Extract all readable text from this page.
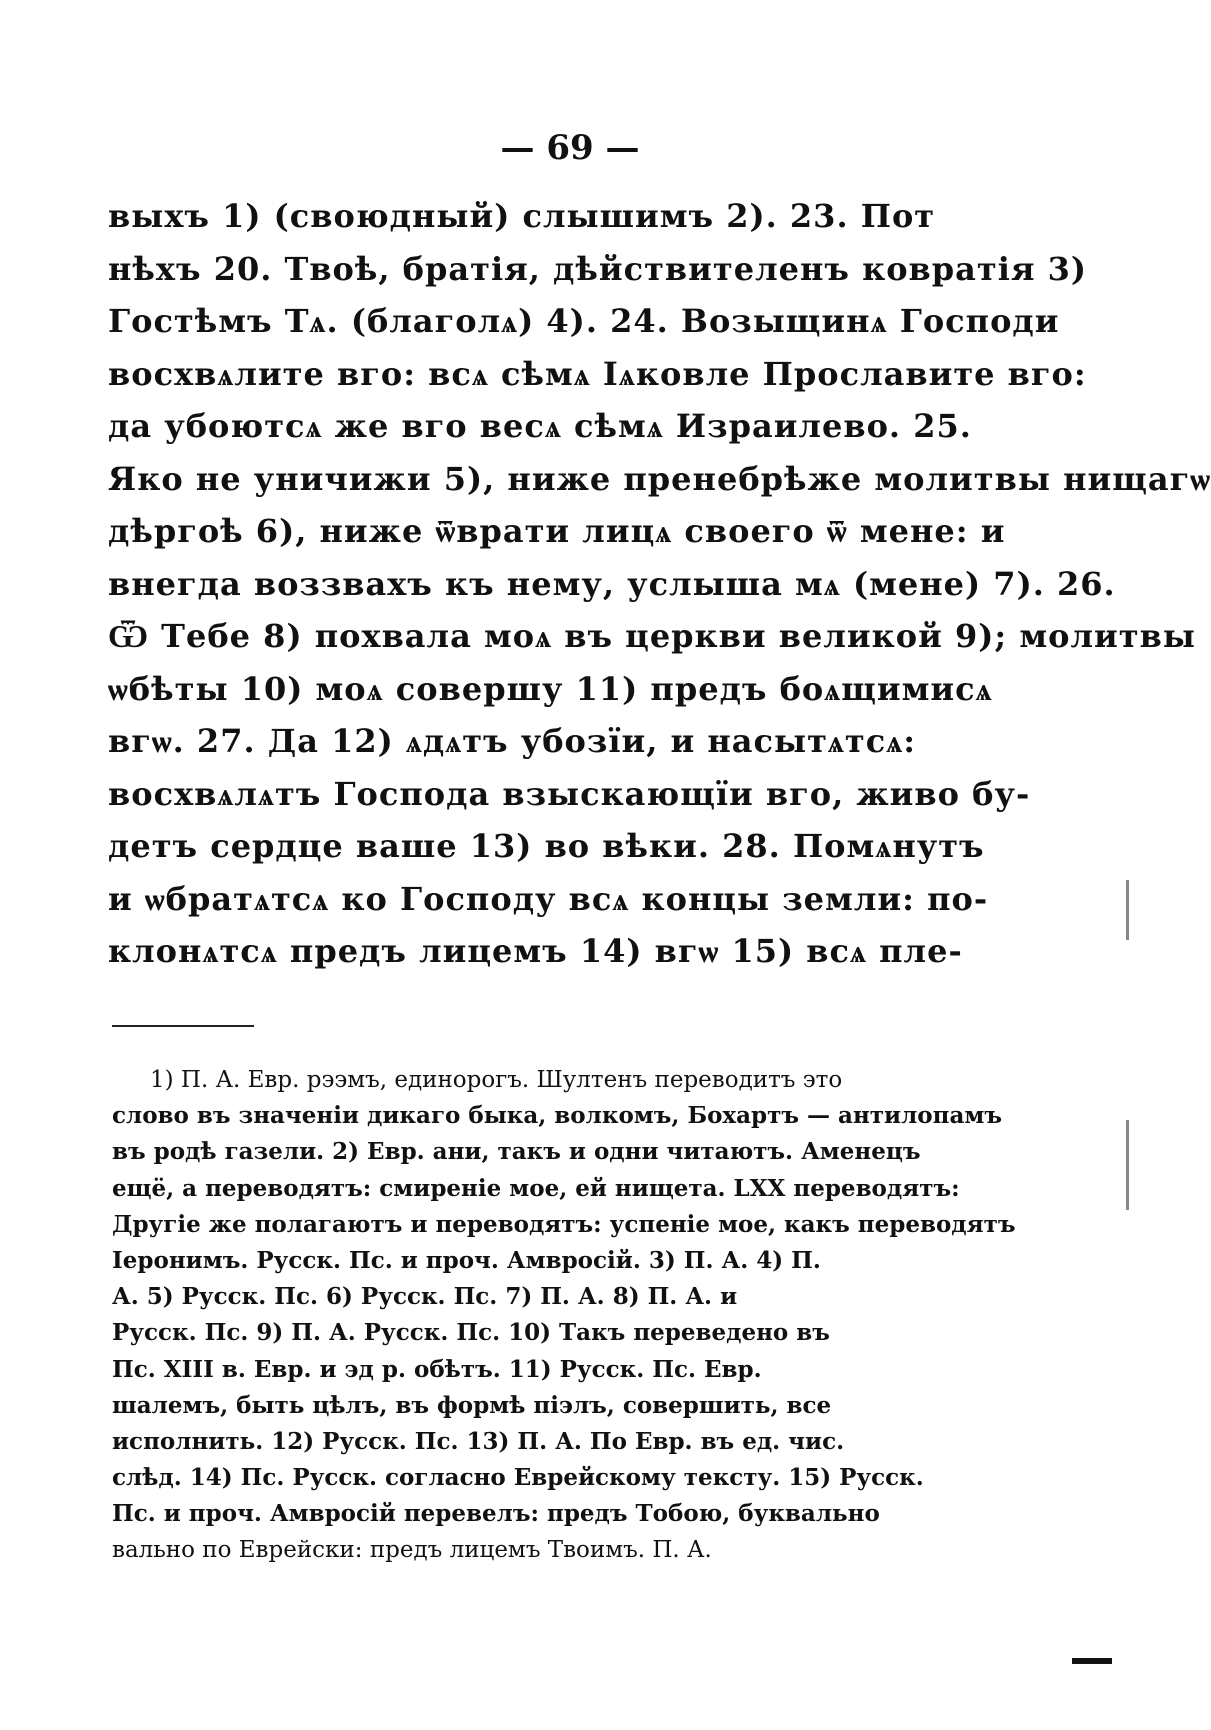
— 69 —
выхъ 1) (своюдный) слышимъ 2). 23. Пот
нѣхъ 20. Твоѣ, братія, дѣйствителенъ ковратія 3)
Гостѣмъ Тѧ. (благолѧ) 4). 24. Возыщинѧ Господи
восхвѧлите вго: всѧ сѣмѧ Іѧковле Прославите вго:
да убоютсѧ же вго весѧ сѣмѧ Израилево. 25.
Яко не уничижи 5), ниже пренебрѣже молитвы нищагѡ
дѣргоѣ 6), ниже ѿврати лицѧ своего ѿ мене: и
внегда воззвахъ къ нему, услыша мѧ (мене) 7). 26.
Ѿ Тебе 8) похвала моѧ въ церкви великой 9); молитвы
ѡбѣты 10) моѧ совершу 11) предъ боѧщимисѧ
вгѡ. 27. Да 12) ѧдѧтъ убозїи, и насытѧтсѧ:
восхвѧлѧтъ Господа взыскающїи вго, живо бу-
детъ сердце ваше 13) во вѣки. 28. Помѧнутъ
и ѡбратѧтсѧ ко Господу всѧ концы земли: по-
клонѧтсѧ предъ лицемъ 14) вгѡ 15) всѧ пле-
1) П. А. Евр. рээмъ, единорогъ. Шултенъ переводитъ это
слово въ значеніи дикаго быка, волкомъ, Бохартъ — антилопамъ
въ родѣ газели. 2) Евр. ани, такъ и одни читаютъ. Аменецъ
ещё, а переводятъ: смиреніе мое, ей нищета. LXX переводятъ:
Другіе же полагаютъ и переводятъ: успеніе мое, какъ переводятъ
Іеронимъ. Русск. Пс. и проч. Амвросій. 3) П. А. 4) П.
А. 5) Русск. Пс. 6) Русск. Пс. 7) П. А. 8) П. А. и
Русск. Пс. 9) П. А. Русск. Пс. 10) Такъ переведено въ
Пс. XIII в. Евр. и эд р. обѣтъ. 11) Русск. Пс. Евр.
шалемъ, быть цѣлъ, въ формѣ піэлъ, совершить, все
исполнить. 12) Русск. Пс. 13) П. А. По Евр. въ ед. чис.
слѣд. 14) Пс. Русск. согласно Еврейскому тексту. 15) Русск.
Пс. и проч. Амвросій перевелъ: предъ Тобою, буквально
вально по Еврейски: предъ лицемъ Твоимъ. П. А.
